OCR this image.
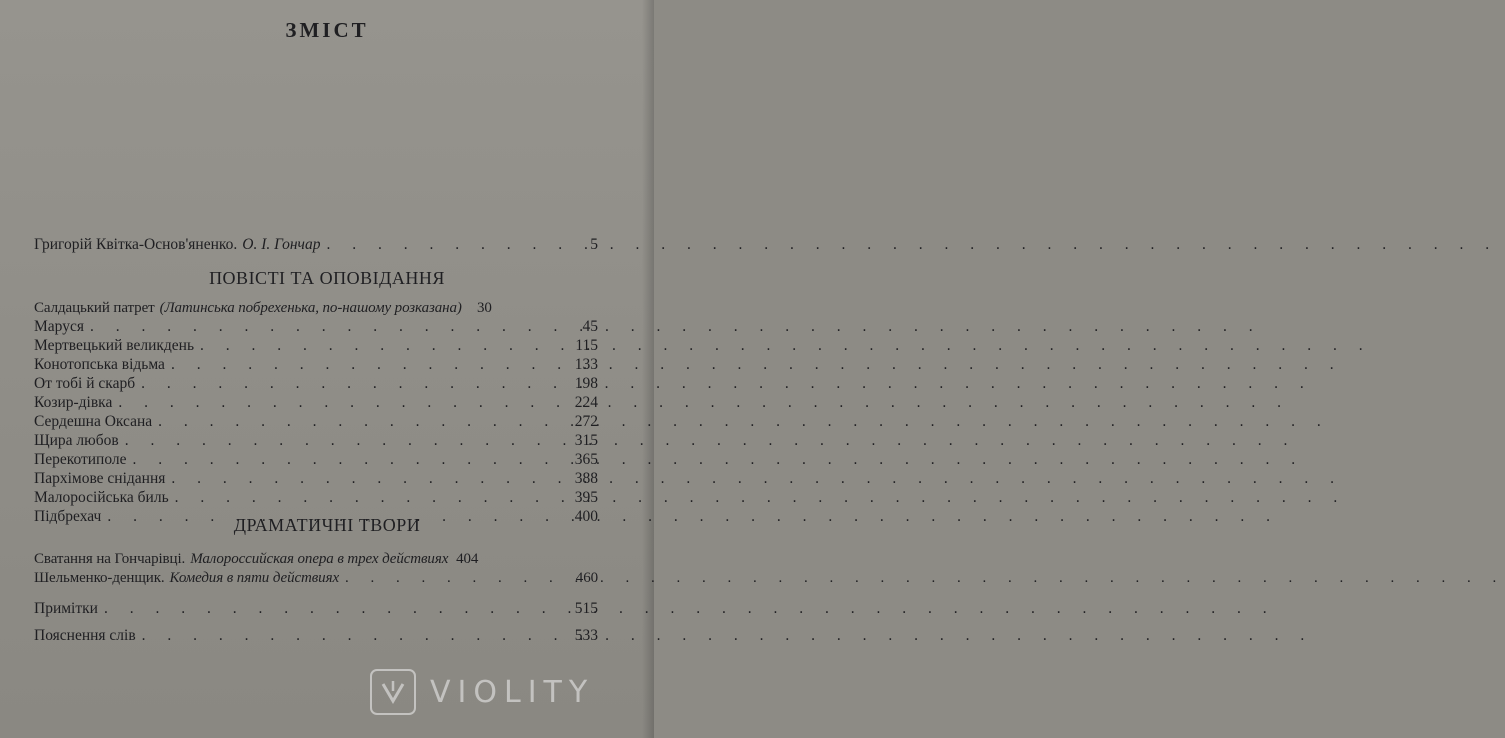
ЗМІСТ
Григорій Квітка-Основ'яненко. О. І. Гончар . . .	5
ПОВІСТІ ТА ОПОВІДАННЯ
Салдацький патрет (Латинська побрехенька, по-нашому розказана)	30
Маруся . . .	45
Мертвецький великдень . . .	115
Конотопська відьма . . .	133
От тобі й скарб . . .	198
Козир-дівка . . .	224
Сердешна Оксана . . .	272
Щира любов . . .	315
Перекотиполе . . .	365
Пархімове снідання . . .	388
Малоросійська биль . . .	395
Підбрехач . . .	400
ДРАМАТИЧНІ ТВОРИ
Сватання на Гончарівці. Малороссийская опера в трех действиях 404
Шельменко-денщик. Комедия в пяти действиях . . .	460
Примітки . . .	515
Пояснення слів . . .	533
VIOLITY
